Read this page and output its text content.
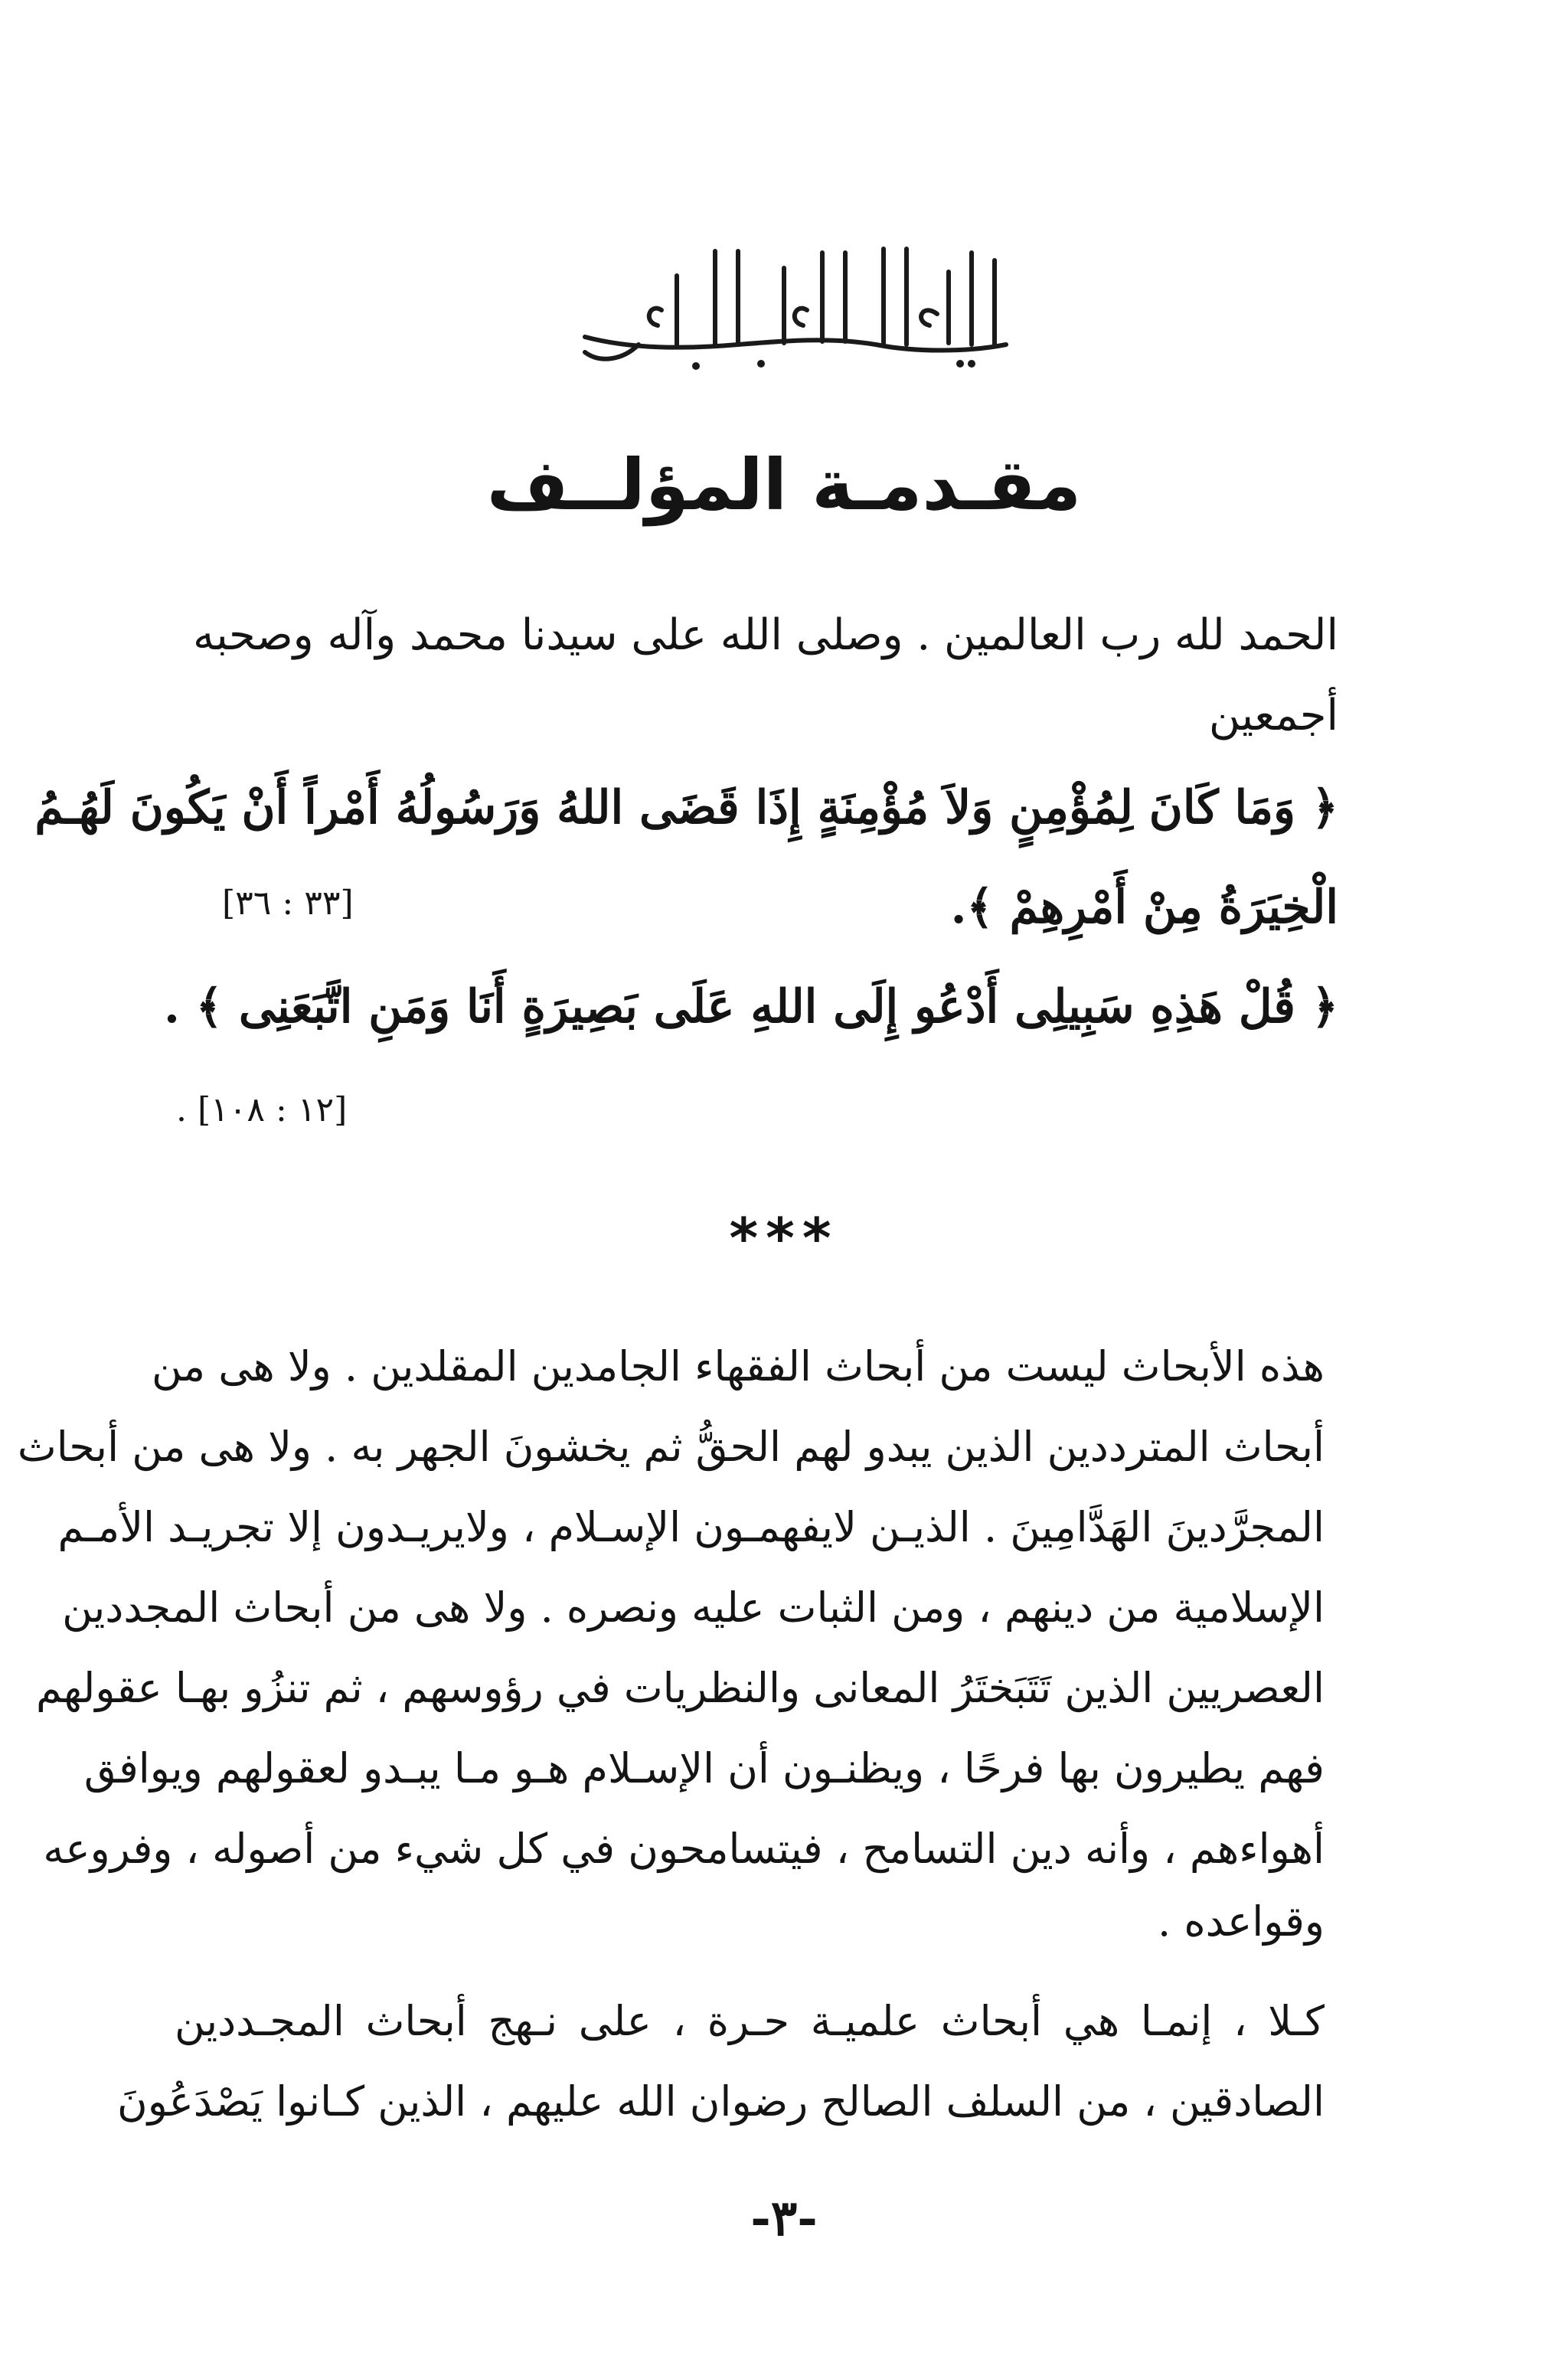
مقـدمـة المؤلــف
الحمد لله رب العالمين . وصلى الله على سيدنا محمد وآله وصحبه
أجمعين
﴿ وَمَا كَانَ لِمُؤْمِنٍ وَلاَ مُؤْمِنَةٍ إِذَا قَضَى اللهُ وَرَسُولُهُ أَمْراً أَنْ يَكُونَ لَهُـمُ
الْخِيَرَةُ مِنْ أَمْرِهِمْ ﴾.
[٣٣ : ٣٦]
﴿ قُلْ هَذِهِ سَبِيلِى أَدْعُو إِلَى اللهِ عَلَى بَصِيرَةٍ أَنَا وَمَنِ اتَّبَعَنِى ﴾ .
[١٢ : ١٠٨] .
***
هذه الأبحاث ليست من أبحاث الفقهاء الجامدين المقلدين . ولا هى من
أبحاث المترددين الذين يبدو لهم الحقُّ ثم يخشونَ الجهر به . ولا هى من أبحاث
المجرَّدينَ الهَدَّامِينَ . الذيـن لايفهمـون الإسـلام ، ولايريـدون إلا تجريـد الأمـم
الإسلامية من دينهم ، ومن الثبات عليه ونصره . ولا هى من أبحاث المجددين
العصريين الذين تَتَبَختَرُ المعانى والنظريات في رؤوسهم ، ثم تنزُو بهـا عقولهم
فهم يطيرون بها فرحًا ، ويظنـون أن الإسـلام هـو مـا يبـدو لعقولهم ويوافق
أهواءهم ، وأنه دين التسامح ، فيتسامحون في كل شيء من أصوله ، وفروعه
وقواعده .
كـلا ، إنمـا هي أبحاث علميـة حـرة ، على نـهج أبحاث المجـددين
الصادقين ، من السلف الصالح رضوان الله عليهم ، الذين كـانوا يَصْدَعُونَ
-٣-
